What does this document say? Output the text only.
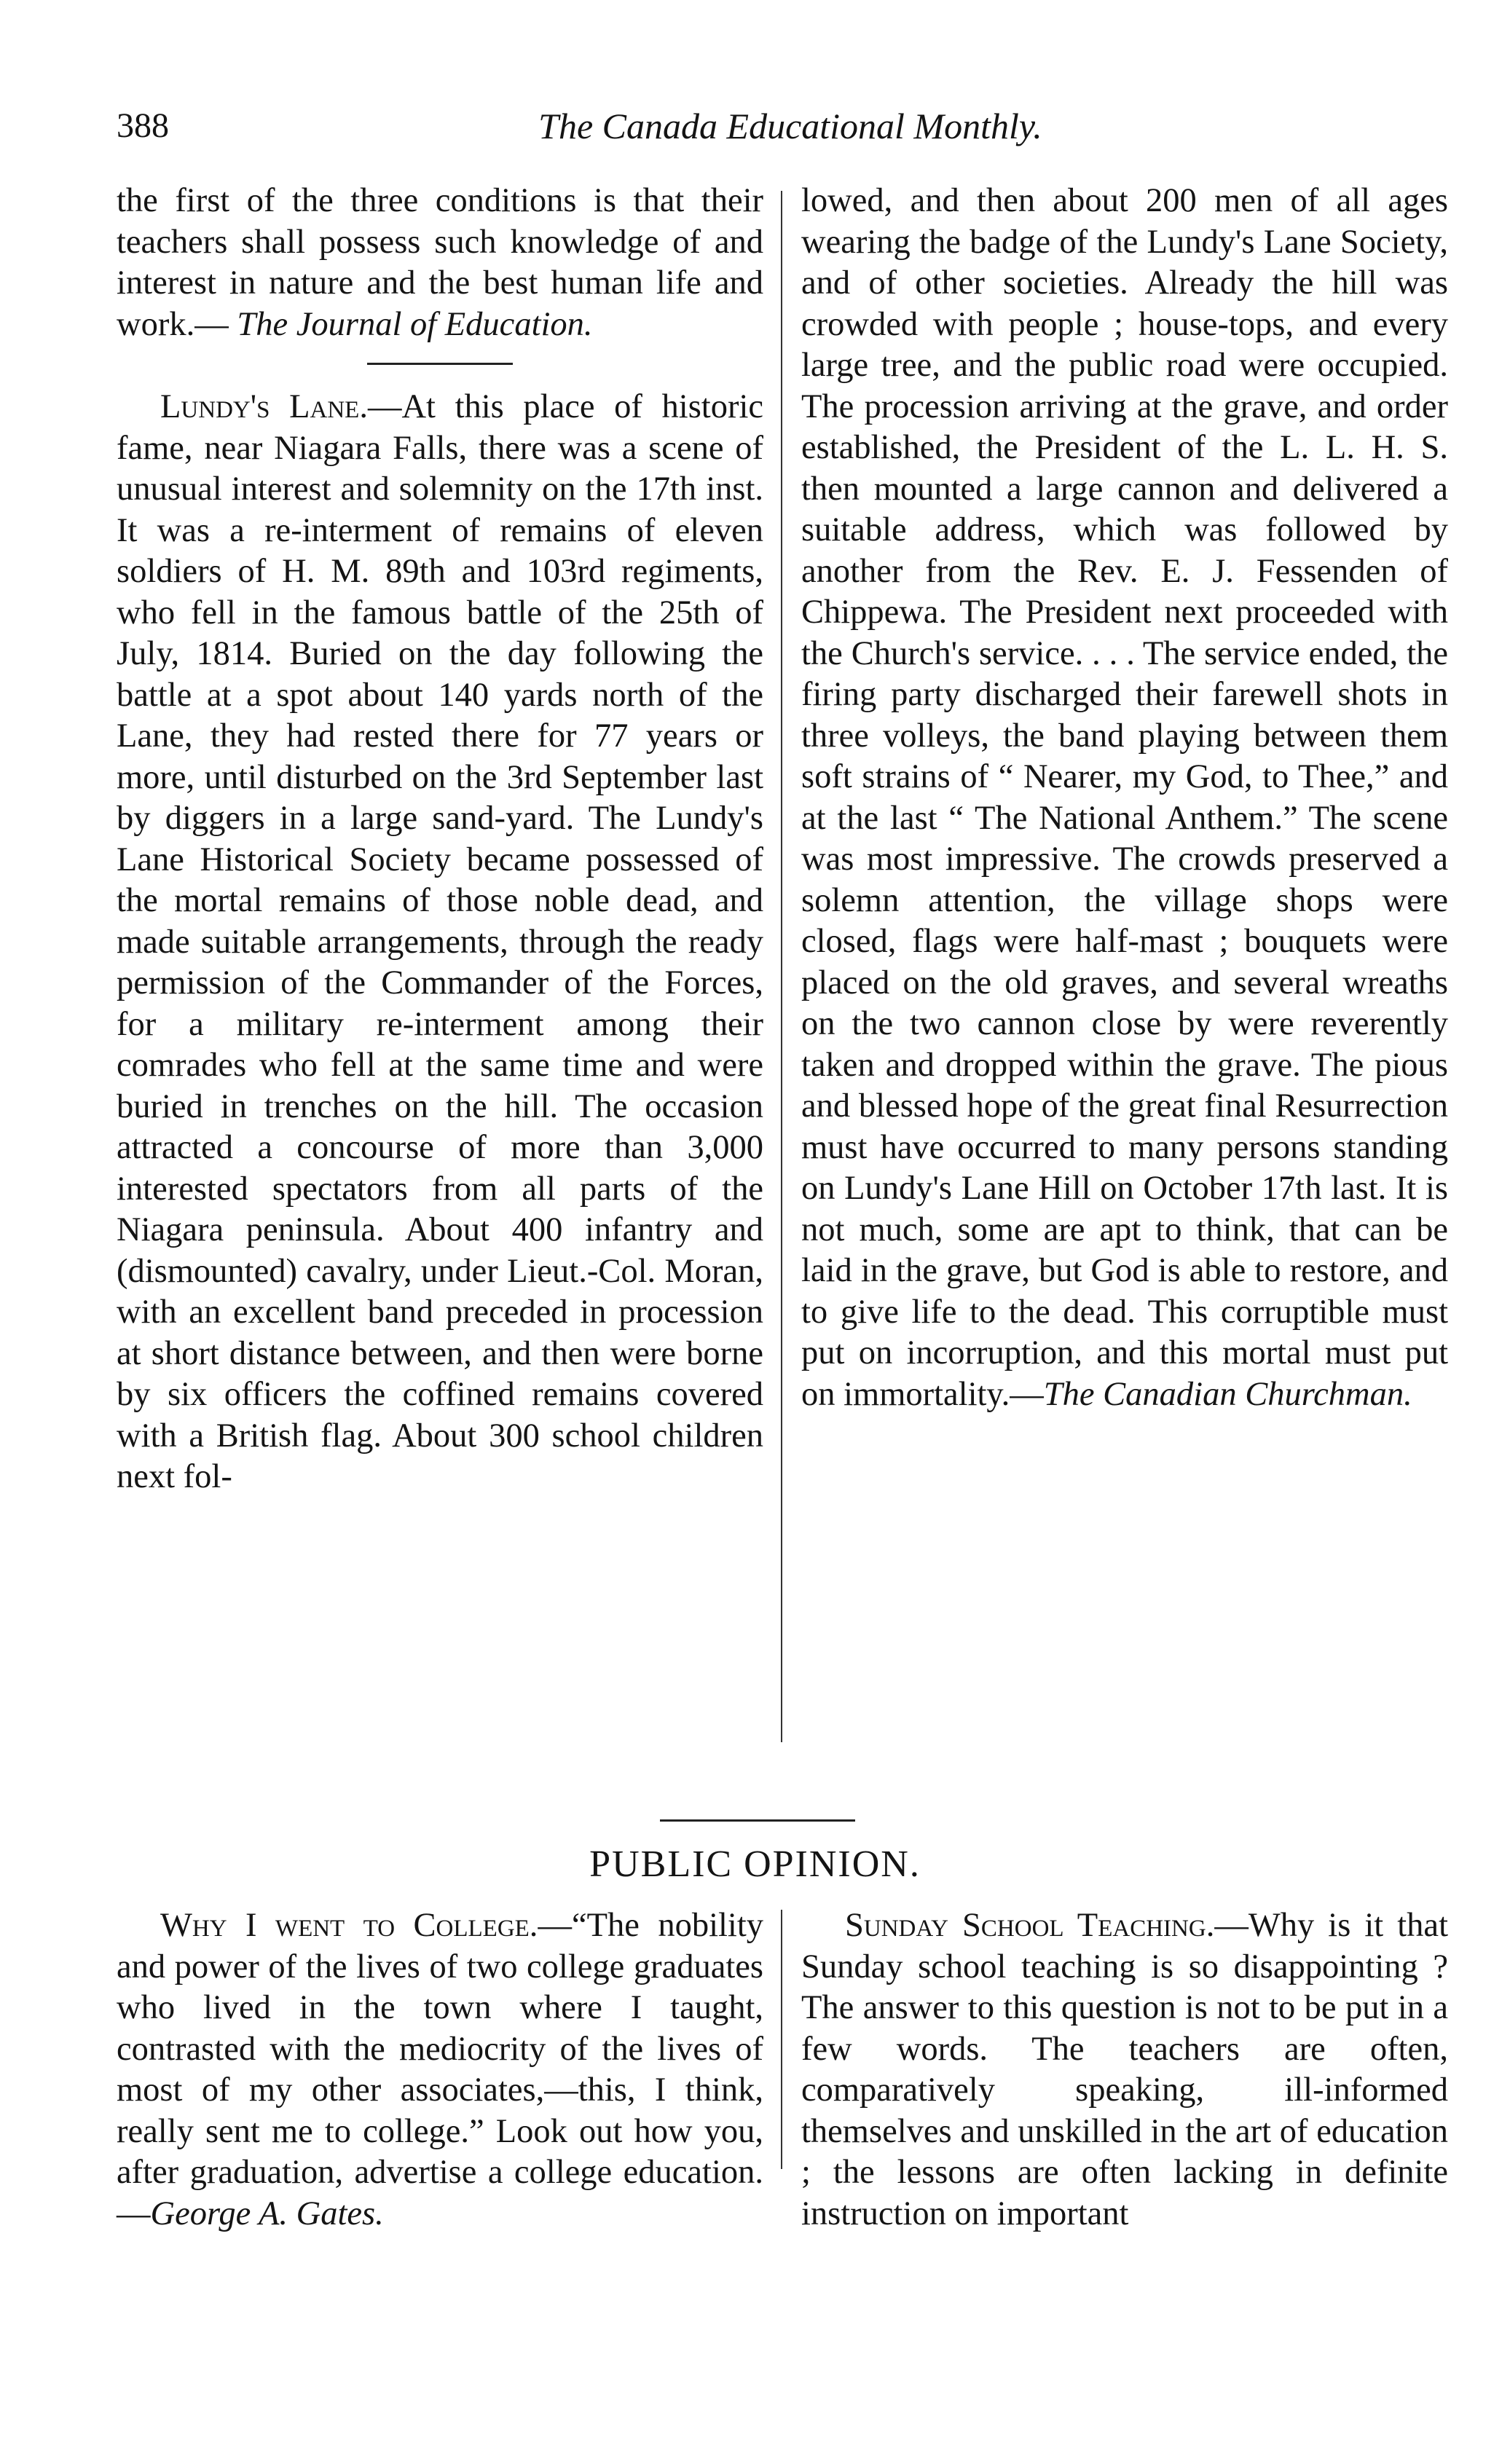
388	The Canada Educational Monthly.

the first of the three conditions is that their teachers shall possess such knowledge of and interest in nature and the best human life and work.— The Journal of Education.

Lundy's Lane.—At this place of historic fame, near Niagara Falls, there was a scene of unusual interest and solemnity on the 17th inst. It was a re-interment of remains of eleven soldiers of H. M. 89th and 103rd regiments, who fell in the famous battle of the 25th of July, 1814. Buried on the day following the battle at a spot about 140 yards north of the Lane, they had rested there for 77 years or more, until disturbed on the 3rd September last by diggers in a large sand-yard. The Lundy's Lane Historical Society became possessed of the mortal remains of those noble dead, and made suitable arrangements, through the ready permission of the Commander of the Forces, for a military re-interment among their comrades who fell at the same time and were buried in trenches on the hill. The occasion attracted a concourse of more than 3,000 interested spectators from all parts of the Niagara peninsula. About 400 infantry and (dismounted) cavalry, under Lieut.-Col. Moran, with an excellent band preceded in procession at short distance between, and then were borne by six officers the coffined remains covered with a British flag. About 300 school children next fol-

lowed, and then about 200 men of all ages wearing the badge of the Lundy's Lane Society, and of other societies. Already the hill was crowded with people ; house-tops, and every large tree, and the public road were occupied. The procession arriving at the grave, and order established, the President of the L. L. H. S. then mounted a large cannon and delivered a suitable address, which was followed by another from the Rev. E. J. Fessenden of Chippewa. The President next proceeded with the Church's service. . . . The service ended, the firing party discharged their farewell shots in three volleys, the band playing between them soft strains of “ Nearer, my God, to Thee,” and at the last “ The National Anthem.” The scene was most impressive. The crowds preserved a solemn attention, the village shops were closed, flags were half-mast ; bouquets were placed on the old graves, and several wreaths on the two cannon close by were reverently taken and dropped within the grave. The pious and blessed hope of the great final Resurrection must have occurred to many persons standing on Lundy's Lane Hill on October 17th last. It is not much, some are apt to think, that can be laid in the grave, but God is able to restore, and to give life to the dead. This corruptible must put on incorruption, and this mortal must put on immortality.—The Canadian Churchman.

PUBLIC OPINION.

Why I went to College.—“The nobility and power of the lives of two college graduates who lived in the town where I taught, contrasted with the mediocrity of the lives of most of my other associates,—this, I think, really sent me to college.” Look out how you, after graduation, advertise a college education.—George A. Gates.

Sunday School Teaching.—Why is it that Sunday school teaching is so disappointing ? The answer to this question is not to be put in a few words. The teachers are often, comparatively speaking, ill-informed themselves and unskilled in the art of education ; the lessons are often lacking in definite instruction on important
